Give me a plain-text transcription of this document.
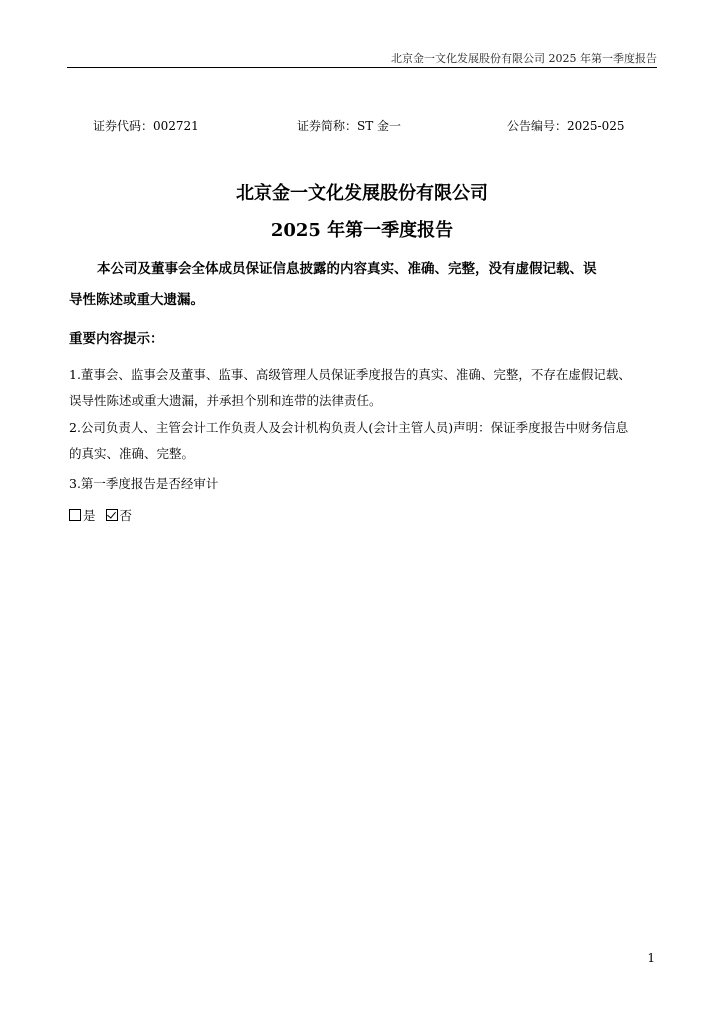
北京金一文化发展股份有限公司 2025 年第一季度报告
证券代码：002721	证券简称：ST 金一	公告编号：2025-025
北京金一文化发展股份有限公司
2025 年第一季度报告
本公司及董事会全体成员保证信息披露的内容真实、准确、完整，没有虚假记载、误
导性陈述或重大遗漏。
重要内容提示：
1.董事会、监事会及董事、监事、高级管理人员保证季度报告的真实、准确、完整，不存在虚假记载、
误导性陈述或重大遗漏，并承担个别和连带的法律责任。
2.公司负责人、主管会计工作负责人及会计机构负责人(会计主管人员)声明：保证季度报告中财务信息
的真实、准确、完整。
3.第一季度报告是否经审计
是 否
1
